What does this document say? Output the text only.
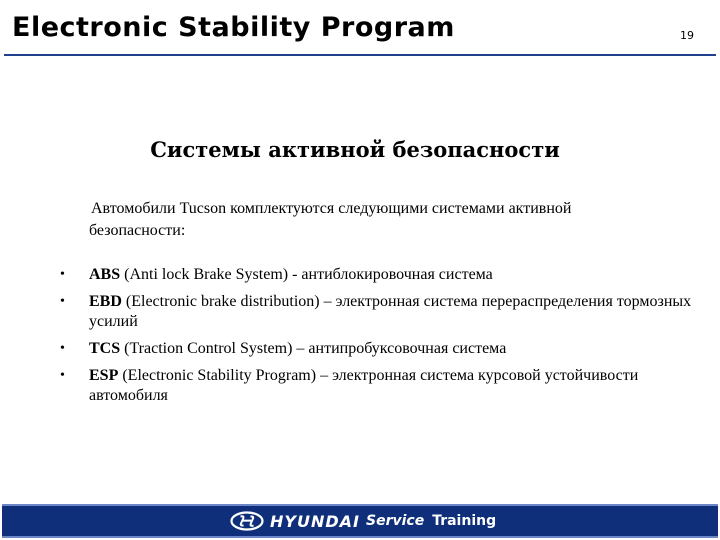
Electronic Stability Program	19
Системы активной безопасности
Автомобили Tucson комплектуются следующими системами активной безопасности:
• ABS (Anti lock Brake System) - антиблокировочная система
• EBD (Electronic brake distribution) – электронная система перераспределения тормозных усилий
• TCS (Traction Control System) – антипробуксовочная система
• ESP (Electronic Stability Program) – электронная система курсовой устойчивости автомобиля
HYUNDAI Service Training
